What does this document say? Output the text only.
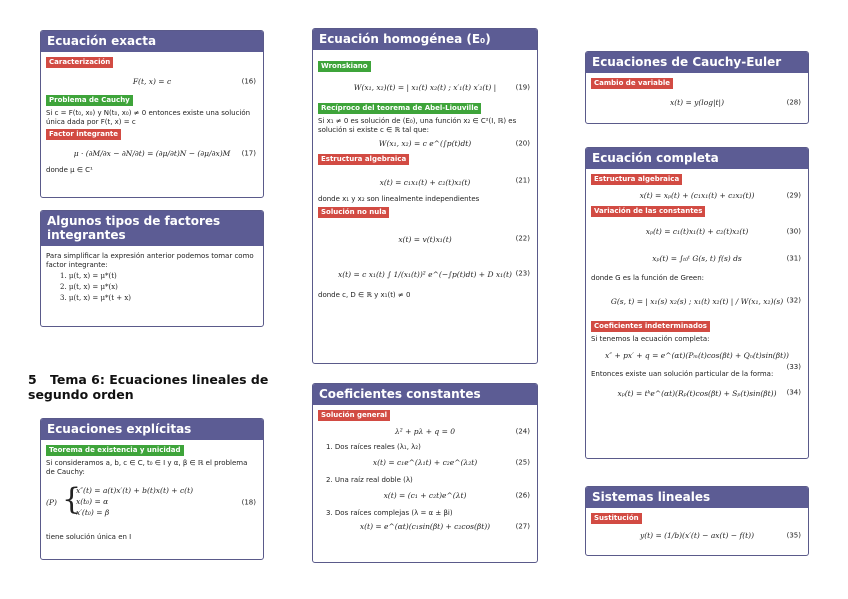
Ecuación exacta
Caracterización
F(t, x) = c	(16)
Problema de Cauchy
Si c = F(t₀, x₀) y N(t₀, x₀) ≠ 0 entonces existe una solución única dada por F(t, x) = c
Factor integrante
μ · (∂M/∂x − ∂N/∂t) = (∂μ/∂t)N − (∂μ/∂x)M (17)
donde μ ∈ C¹
Algunos tipos de factores integrantes
Para simplificar la expresión anterior podemos tomar como factor integrante:
1. μ(t, x) = μ*(t)
2. μ(t, x) = μ*(x)
3. μ(t, x) = μ*(t + x)
5 Tema 6: Ecuaciones lineales de segundo orden
Ecuaciones explícitas
Teorema de existencia y unicidad
Si consideramos a, b, c ∈ C, t₀ ∈ I y α, β ∈ ℝ el problema de Cauchy:
(P) {
x″(t) = a(t)x′(t) + b(t)x(t) + c(t)
x(t₀) = α
x′(t₀) = β
(18)
tiene solución única en I
Ecuación homogénea (E₀)
Wronskiano
W(x₁, x₂)(t) = | x₁(t) x₂(t) ; x′₁(t) x′₂(t) |	(19)
Recíproco del teorema de Abel-Liouville
Si x₁ ≠ 0 es solución de (E₀), una función x₂ ∈ C²(I, ℝ) es solución si existe c ∈ ℝ tal que:
W(x₁, x₂) = c e^(∫p(t)dt)	(20)
Estructura algebraica
x(t) = c₁x₁(t) + c₂(t)x₂(t)	(21)
donde x₁ y x₂ son linealmente independientes
Solución no nula
x(t) = v(t)x₁(t)	(22)
x(t) = c x₁(t) ∫ 1/(x₁(t))² e^(−∫p(t)dt) + D x₁(t) (23)
donde c, D ∈ ℝ y x₁(t) ≠ 0
Coeficientes constantes
Solución general
λ² + pλ + q = 0	(24)
1. Dos raíces reales (λ₁, λ₂)
x(t) = c₁e^(λ₁t) + c₂e^(λ₂t)	(25)
2. Una raíz real doble (λ)
x(t) = (c₁ + c₂t)e^(λt)	(26)
3. Dos raíces complejas (λ = α ± βi)
x(t) = e^(αt)(c₁sin(βt) + c₂cos(βt))	(27)
Ecuaciones de Cauchy-Euler
Cambio de variable
x(t) = y(log|t|)	(28)
Ecuación completa
Estructura algebraica
x(t) = xₚ(t) + (c₁x₁(t) + c₂x₂(t))	(29)
Variación de las constantes
xₚ(t) = c₁(t)x₁(t) + c₂(t)x₂(t)	(30)
xₚ(t) = ∫ₜ₀ᵗ G(s, t) f(s) ds	(31)
donde G es la función de Green:
G(s, t) = | x₁(s) x₂(s) ; x₁(t) x₂(t) | / W(x₁, x₂)(s) (32)
Coeficientes indeterminados
Si tenemos la ecuación completa:
x″ + px′ + q = e^(αt)(Pₘ(t)cos(βt) + Qₙ(t)sin(βt))
(33)
Entonces existe uan solución particular de la forma:
xₚ(t) = tᵏe^(αt)(Rₚ(t)cos(βt) + Sₚ(t)sin(βt)) (34)
Sistemas lineales
Sustitución
y(t) = (1/b)(x′(t) − ax(t) − f(t))	(35)
